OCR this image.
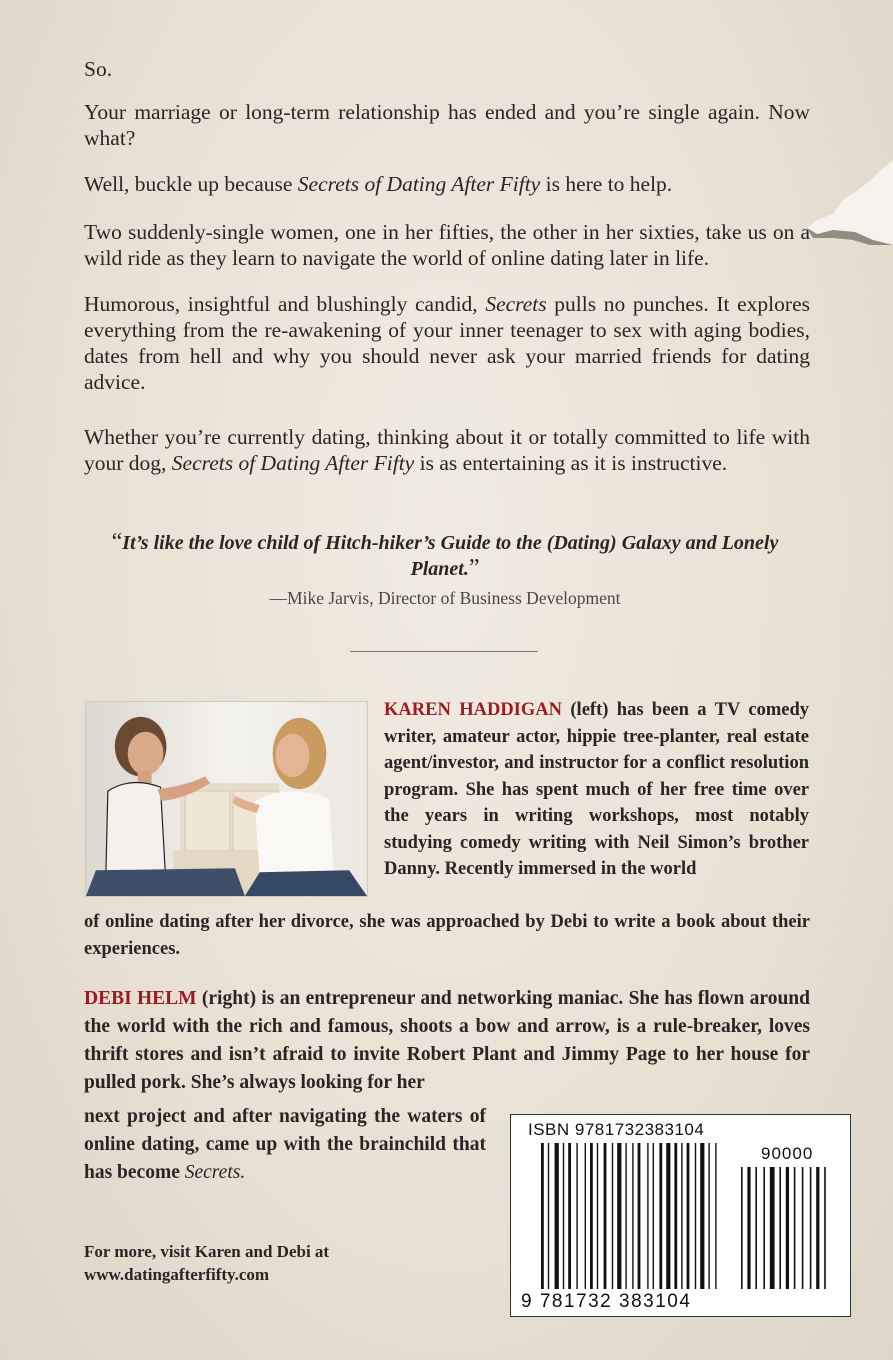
So.

Your marriage or long-term relationship has ended and you’re single again. Now what?

Well, buckle up because Secrets of Dating After Fifty is here to help.

Two suddenly-single women, one in her fifties, the other in her sixties, take us on a wild ride as they learn to navigate the world of online dating later in life.

Humorous, insightful and blushingly candid, Secrets pulls no punches. It explores everything from the re-awakening of your inner teenager to sex with aging bodies, dates from hell and why you should never ask your married friends for dating advice.

Whether you’re currently dating, thinking about it or totally committed to life with your dog, Secrets of Dating After Fifty is as entertaining as it is instructive.

“It’s like the love child of Hitch-hiker’s Guide to the (Dating) Galaxy and Lonely Planet.”

—Mike Jarvis, Director of Business Development

KAREN HADDIGAN (left) has been a TV comedy writer, amateur actor, hippie tree-planter, real estate agent/investor, and instructor for a conflict resolution program. She has spent much of her free time over the years in writing workshops, most notably studying comedy writing with Neil Simon’s brother Danny. Recently immersed in the world

of online dating after her divorce, she was approached by Debi to write a book about their experiences.

DEBI HELM (right) is an entrepreneur and networking maniac. She has flown around the world with the rich and famous, shoots a bow and arrow, is a rule-breaker, loves thrift stores and isn’t afraid to invite Robert Plant and Jimmy Page to her house for pulled pork. She’s always looking for her

next project and after navigating the waters of online dating, came up with the brainchild that has become Secrets.

For more, visit Karen and Debi at
www.datingafterfifty.com
ISBN 9781732383104
90000
9 781732 383104
